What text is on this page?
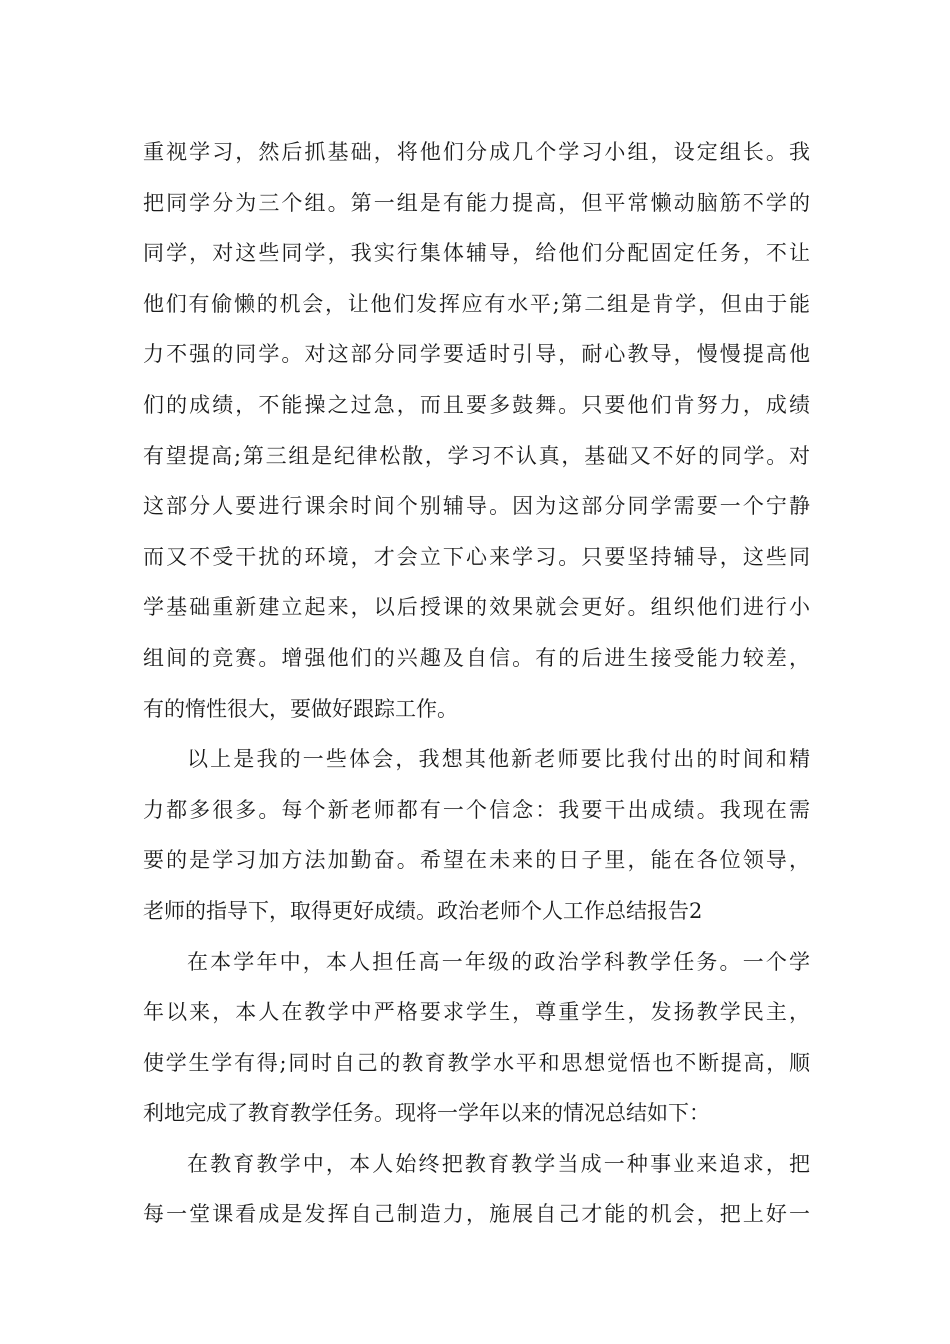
重视学习，然后抓基础，将他们分成几个学习小组，设定组长。我
把同学分为三个组。第一组是有能力提高，但平常懒动脑筋不学的
同学，对这些同学，我实行集体辅导，给他们分配固定任务，不让
他们有偷懒的机会，让他们发挥应有水平;第二组是肯学，但由于能
力不强的同学。对这部分同学要适时引导，耐心教导，慢慢提高他
们的成绩，不能操之过急，而且要多鼓舞。只要他们肯努力，成绩
有望提高;第三组是纪律松散，学习不认真，基础又不好的同学。对
这部分人要进行课余时间个别辅导。因为这部分同学需要一个宁静
而又不受干扰的环境，才会立下心来学习。只要坚持辅导，这些同
学基础重新建立起来，以后授课的效果就会更好。组织他们进行小
组间的竞赛。增强他们的兴趣及自信。有的后进生接受能力较差，
有的惰性很大，要做好跟踪工作。
以上是我的一些体会，我想其他新老师要比我付出的时间和精
力都多很多。每个新老师都有一个信念：我要干出成绩。我现在需
要的是学习加方法加勤奋。希望在未来的日子里，能在各位领导，
老师的指导下，取得更好成绩。政治老师个人工作总结报告2
在本学年中，本人担任高一年级的政治学科教学任务。一个学
年以来，本人在教学中严格要求学生，尊重学生，发扬教学民主，
使学生学有得;同时自己的教育教学水平和思想觉悟也不断提高，顺
利地完成了教育教学任务。现将一学年以来的情况总结如下：
在教育教学中，本人始终把教育教学当成一种事业来追求，把
每一堂课看成是发挥自己制造力，施展自己才能的机会，把上好一
